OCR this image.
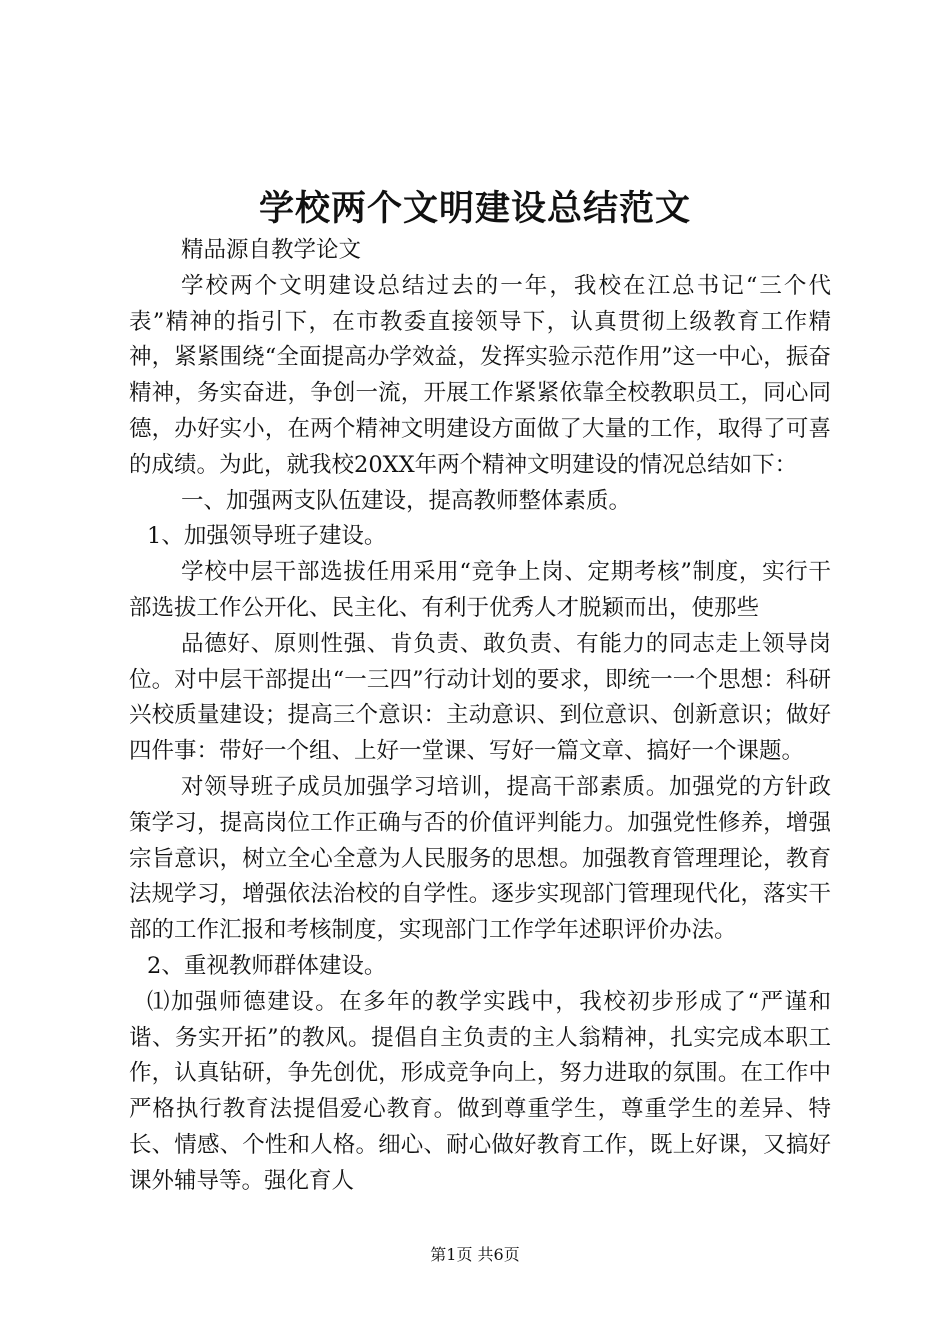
学校两个文明建设总结范文

精品源自教学论文

学校两个文明建设总结过去的一年，我校在江总书记“三个代表”精神的指引下，在市教委直接领导下，认真贯彻上级教育工作精神，紧紧围绕“全面提高办学效益，发挥实验示范作用”这一中心，振奋精神，务实奋进，争创一流，开展工作紧紧依靠全校教职员工，同心同德，办好实小，在两个精神文明建设方面做了大量的工作，取得了可喜的成绩。为此，就我校20XX年两个精神文明建设的情况总结如下：

一、加强两支队伍建设，提高教师整体素质。

1、加强领导班子建设。

学校中层干部选拔任用采用“竞争上岗、定期考核”制度，实行干部选拔工作公开化、民主化、有利于优秀人才脱颖而出，使那些

品德好、原则性强、肯负责、敢负责、有能力的同志走上领导岗位。对中层干部提出“一三四”行动计划的要求，即统一一个思想：科研兴校质量建设；提高三个意识：主动意识、到位意识、创新意识；做好四件事：带好一个组、上好一堂课、写好一篇文章、搞好一个课题。

对领导班子成员加强学习培训，提高干部素质。加强党的方针政策学习，提高岗位工作正确与否的价值评判能力。加强党性修养，增强宗旨意识，树立全心全意为人民服务的思想。加强教育管理理论，教育法规学习，增强依法治校的自学性。逐步实现部门管理现代化，落实干部的工作汇报和考核制度，实现部门工作学年述职评价办法。

2、重视教师群体建设。

⑴加强师德建设。在多年的教学实践中，我校初步形成了“严谨和谐、务实开拓”的教风。提倡自主负责的主人翁精神，扎实完成本职工作，认真钻研，争先创优，形成竞争向上，努力进取的氛围。在工作中严格执行教育法提倡爱心教育。做到尊重学生，尊重学生的差异、特长、情感、个性和人格。细心、耐心做好教育工作，既上好课，又搞好课外辅导等。强化育人

第1页 共6页
